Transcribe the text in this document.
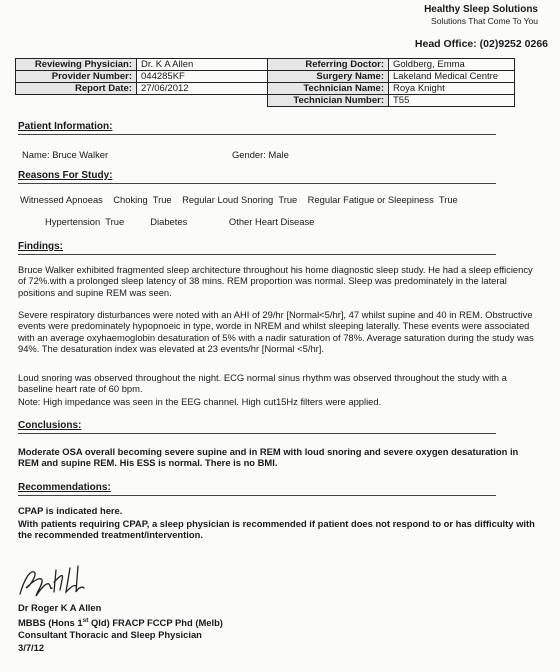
Healthy Sleep Solutions
Solutions That Come To You
Head Office: (02)9252 0266
Reviewing Physician:	Dr. K A Allen	Referring Doctor:	Goldberg, Emma
Provider Number:	044285KF	Surgery Name:	Lakeland Medical Centre
Report Date:	27/06/2012	Technician Name:	Roya Knight
		Technician Number:	T55
Patient Information:
Name: Bruce Walker	Gender: Male
Reasons For Study:
Witnessed Apnoeas    Choking  True    Regular Loud Snoring  True    Regular Fatigue or Sleepiness  True
Hypertension  True          Diabetes                Other Heart Disease
Findings:
Bruce Walker exhibited fragmented sleep architecture throughout his home diagnostic sleep study. He had a sleep efficiency of 72%.with a prolonged sleep latency of 38 mins. REM proportion was normal. Sleep was predominately in the lateral positions and supine REM was seen.
Severe respiratory disturbances were noted with an AHI of 29/hr [Normal<5/hr], 47 whilst supine and 40 in REM. Obstructive events were predominately hypopnoeic in type, worde in NREM and whilst sleeping laterally. These events were associated with an average oxyhaemoglobin desaturation of 5% with a nadir saturation of 78%. Average saturation during the study was 94%. The desaturation index was elevated at 23 events/hr [Normal <5/hr].
Loud snoring was observed throughout the night. ECG normal sinus rhythm was observed throughout the study with a baseline heart rate of 60 bpm.
Note: High impedance was seen in the EEG channel. High cut15Hz filters were applied.
Conclusions:
Moderate OSA overall becoming severe supine and in REM with loud snoring and severe oxygen desaturation in REM and supine REM. His ESS is normal. There is no BMI.
Recommendations:
CPAP is indicated here.
With patients requiring CPAP, a sleep physician is recommended if patient does not respond to or has difficulty with the recommended treatment/intervention.
Dr Roger K A Allen
MBBS (Hons 1st Qld) FRACP FCCP Phd (Melb)
Consultant Thoracic and Sleep Physician
3/7/12
